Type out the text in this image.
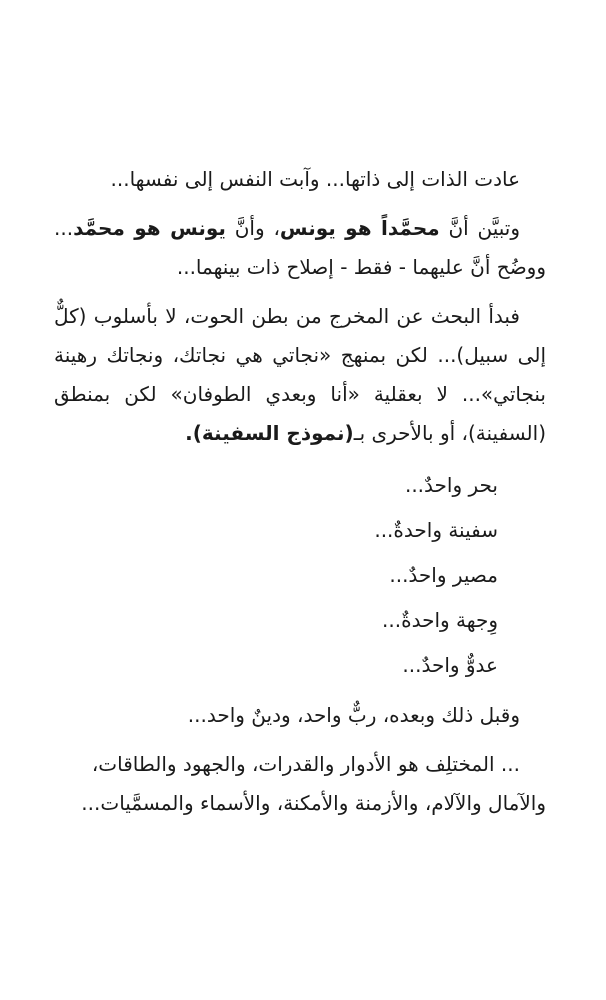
عادت الذات إلى ذاتها... وآبت النفس إلى نفسها...

وتبيَّن أنَّ محمَّداً هو يونس، وأنَّ يونس هو محمَّد... ووضُح أنَّ عليهما - فقط - إصلاح ذات بينهما...

فبدأ البحث عن المخرج من بطن الحوت، لا بأسلوب (كلٌّ إلى سبيل)... لكن بمنهج «نجاتي هي نجاتك، ونجاتك رهينة بنجاتي»... لا بعقلية «أنا وبعدي الطوفان» لكن بمنطق (السفينة)، أو بالأحرى بـ(نموذج السفينة).

بحر واحدٌ...

سفينة واحدةٌ...

مصير واحدٌ...

وِجهة واحدةٌ...

عدوٌّ واحدٌ...

وقبل ذلك وبعده، ربٌّ واحد، ودينٌ واحد...

... المختلِف هو الأدوار والقدرات، والجهود والطاقات، والآمال والآلام، والأزمنة والأمكنة، والأسماء والمسمَّيات...
